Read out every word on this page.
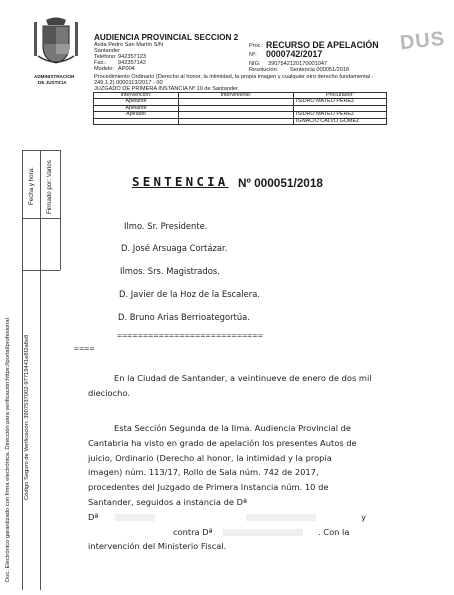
ADMINISTRACION
DE JUSTICIA
AUDIENCIA PROVINCIAL SECCION 2
Avda Pedro San Martín S/N
Santander
Teléfono: 942357123
Fax.: 942357142
Modelo: AP004
Proc.: RECURSO DE APELACIÓN
Nº: 0000742/2017
NIG: 3907542120170001047
Resolución: Sentencia 000051/2018
DUS
Procedimiento Ordinario (Derecho al honor, la intimidad, la propia imagen y cualquier otro derecho fundamental -
249.1.2) 0000113/2017 - 00
JUZGADO DE PRIMERA INSTANCIA Nº 10 de Santander
Intervención:	Interviniente:	Procurador:
Apelante		ISIDRO MATEO PÉREZ
Apelante		
Apelado		ISIDRO MATEO PÉREZ
		IGNACIO CALVO GÓMEZ
Firmado por: Varios
Fecha y hora:
Doc. Electrónico garantizado con firma electrónica. Dirección para verificación:https://portal/profesional Código Seguro de Verificación: 3907537002-97719441e8f2a8e8
SENTENCIA Nº 000051/2018
Ilmo. Sr. Presidente.
D. José Arsuaga Cortázar.
Ilmos. Srs. Magistrados.
D. Javier de la Hoz de la Escalera.
D. Bruno Arias Berrioategortúa.
============================
====
En la Ciudad de Santander, a veintinueve de enero de dos mil dieciocho.
Esta Sección Segunda de la Ilma. Audiencia Provincial de
Cantabria ha visto en grado de apelación los presentes Autos de
juicio, Ordinario (Derecho al honor, la intimidad y la propia
imagen) núm. 113/17, Rollo de Sala núm. 742 de 2017,
procedentes del Juzgado de Primera Instancia núm. 10 de
Santander, seguidos a instancia de Dª
Dª	y
contra Dª	. Con la
intervención del Ministerio Fiscal.
